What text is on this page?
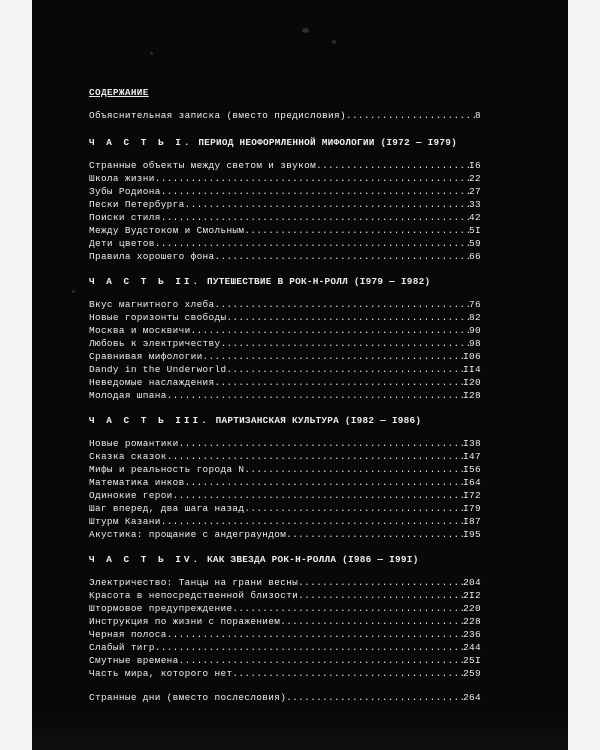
СОДЕРЖАНИЕ
Объяснительная записка (вместо предисловия) .....	8
Ч А С Т Ь I. ПЕРИОД НЕОФОРМЛЕННОЙ МИФОЛОГИИ (I972 — I979)
Странные объекты между светом и звуком .....	I6
Школа жизни .....	22
Зубы Родиона .....	27
Пески Петербурга .....	33
Поиски стиля .....	42
Между Вудстоком и Смольным .....	5I
Дети цветов .....	59
Правила хорошего фона .....	66
Ч А С Т Ь II. ПУТЕШЕСТВИЕ В РОК-Н-РОЛЛ (I979 — I982)
Вкус магнитного хлеба .....	76
Новые горизонты свободы .....	82
Москва и москвичи .....	90
Любовь к электричеству .....	98
Сравнивая мифологии .....	I06
Dandy in the Underworld .....	II4
Неведомые наслаждения .....	I20
Молодая шпана .....	I28
Ч А С Т Ь III. ПАРТИЗАНСКАЯ КУЛЬТУРА (I982 — I986)
Новые романтики .....	I38
Сказка сказок .....	I47
Мифы и реальность города N .....	I56
Математика инков .....	I64
Одинокие герои .....	I72
Шаг вперед, два шага назад .....	I79
Штурм Казани .....	I87
Акустика: прощание с андеграундом .....	I95
Ч А С Т Ь IV. КАК ЗВЕЗДА РОК-Н-РОЛЛА (I986 — I99I)
Электричество: Танцы на грани весны .....	204
Красота в непосредственной близости .....	2I2
Штормовое предупреждение .....	220
Инструкция по жизни с поражением .....	228
Черная полоса .....	236
Слабый тигр .....	244
Смутные времена .....	25I
Часть мира, которого нет .....	259
Странные дни (вместо послесловия) .....	264
